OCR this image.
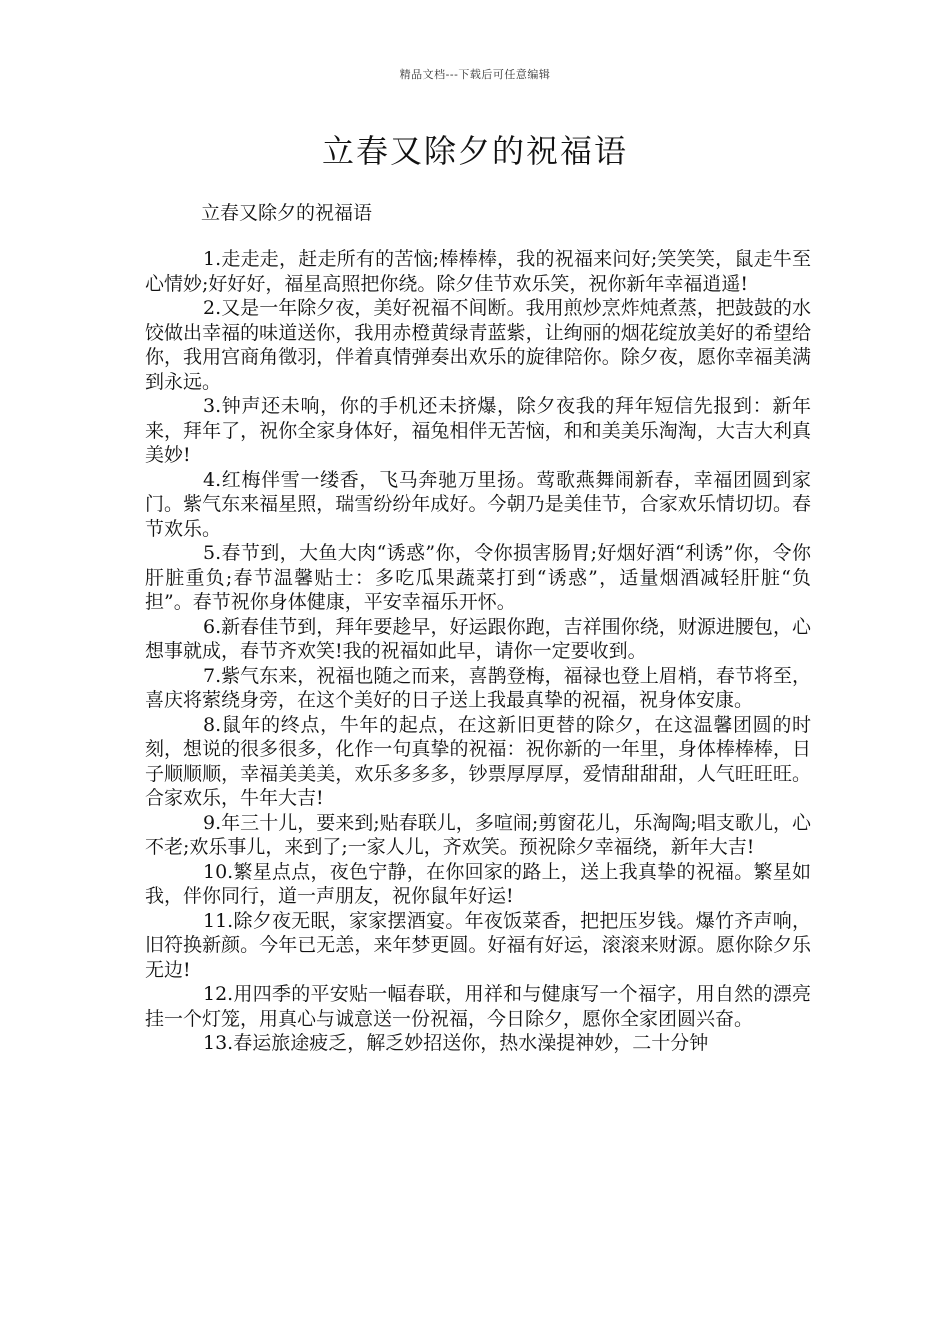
精品文档---下载后可任意编辑
立春又除夕的祝福语

立春又除夕的祝福语

1.走走走，赶走所有的苦恼;棒棒棒，我的祝福来问好;笑笑笑，鼠走牛至心情妙;好好好，福星高照把你绕。除夕佳节欢乐笑，祝你新年幸福逍遥!

2.又是一年除夕夜，美好祝福不间断。我用煎炒烹炸炖煮蒸，把鼓鼓的水饺做出幸福的味道送你，我用赤橙黄绿青蓝紫，让绚丽的烟花绽放美好的希望给你，我用宫商角徵羽，伴着真情弹奏出欢乐的旋律陪你。除夕夜，愿你幸福美满到永远。

3.钟声还未响，你的手机还未挤爆，除夕夜我的拜年短信先报到：新年来，拜年了，祝你全家身体好，福兔相伴无苦恼，和和美美乐淘淘，大吉大利真美妙!

4.红梅伴雪一缕香，飞马奔驰万里扬。莺歌燕舞闹新春，幸福团圆到家门。紫气东来福星照，瑞雪纷纷年成好。今朝乃是美佳节，合家欢乐情切切。春节欢乐。

5.春节到，大鱼大肉“诱惑”你，令你损害肠胃;好烟好酒“利诱”你，令你肝脏重负;春节温馨贴士：多吃瓜果蔬菜打到“诱惑”，适量烟酒减轻肝脏“负担”。春节祝你身体健康，平安幸福乐开怀。

6.新春佳节到，拜年要趁早，好运跟你跑，吉祥围你绕，财源进腰包，心想事就成，春节齐欢笑!我的祝福如此早，请你一定要收到。

7.紫气东来，祝福也随之而来，喜鹊登梅，福禄也登上眉梢，春节将至，喜庆将萦绕身旁，在这个美好的日子送上我最真挚的祝福，祝身体安康。

8.鼠年的终点，牛年的起点，在这新旧更替的除夕，在这温馨团圆的时刻，想说的很多很多，化作一句真挚的祝福：祝你新的一年里，身体棒棒棒，日子顺顺顺，幸福美美美，欢乐多多多，钞票厚厚厚，爱情甜甜甜，人气旺旺旺。合家欢乐，牛年大吉!

9.年三十儿，要来到;贴春联儿，多喧闹;剪窗花儿，乐淘陶;唱支歌儿，心不老;欢乐事儿，来到了;一家人儿，齐欢笑。预祝除夕幸福绕，新年大吉!

10.繁星点点，夜色宁静，在你回家的路上，送上我真挚的祝福。繁星如我，伴你同行，道一声朋友，祝你鼠年好运!

11.除夕夜无眠，家家摆酒宴。年夜饭菜香，把把压岁钱。爆竹齐声响，旧符换新颜。今年已无恙，来年梦更圆。好福有好运，滚滚来财源。愿你除夕乐无边!

12.用四季的平安贴一幅春联，用祥和与健康写一个福字，用自然的漂亮挂一个灯笼，用真心与诚意送一份祝福，今日除夕，愿你全家团圆兴奋。

13.春运旅途疲乏，解乏妙招送你，热水澡提神妙，二十分钟
